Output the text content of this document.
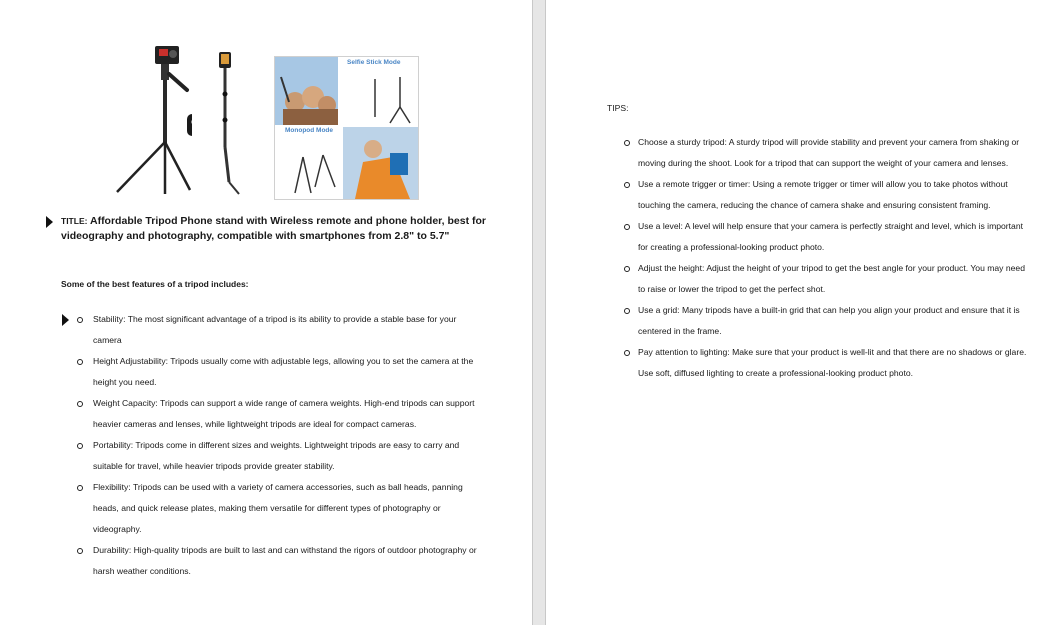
Selfie Stick Mode
Monopod Mode
TITLE: Affordable Tripod Phone stand with Wireless remote and phone holder, best for videography and photography, compatible with smartphones from 2.8" to 5.7"
Some of the best features of a tripod includes:
Stability: The most significant advantage of a tripod is its ability to provide a stable base for your camera
Height Adjustability: Tripods usually come with adjustable legs, allowing you to set the camera at the height you need.
Weight Capacity: Tripods can support a wide range of camera weights. High-end tripods can support heavier cameras and lenses, while lightweight tripods are ideal for compact cameras.
Portability: Tripods come in different sizes and weights. Lightweight tripods are easy to carry and suitable for travel, while heavier tripods provide greater stability.
Flexibility: Tripods can be used with a variety of camera accessories, such as ball heads, panning heads, and quick release plates, making them versatile for different types of photography or videography.
Durability: High-quality tripods are built to last and can withstand the rigors of outdoor photography or harsh weather conditions.
TIPS:
Choose a sturdy tripod: A sturdy tripod will provide stability and prevent your camera from shaking or moving during the shoot. Look for a tripod that can support the weight of your camera and lenses.
Use a remote trigger or timer: Using a remote trigger or timer will allow you to take photos without touching the camera, reducing the chance of camera shake and ensuring consistent framing.
Use a level: A level will help ensure that your camera is perfectly straight and level, which is important for creating a professional-looking product photo.
Adjust the height: Adjust the height of your tripod to get the best angle for your product. You may need to raise or lower the tripod to get the perfect shot.
Use a grid: Many tripods have a built-in grid that can help you align your product and ensure that it is centered in the frame.
Pay attention to lighting: Make sure that your product is well-lit and that there are no shadows or glare. Use soft, diffused lighting to create a professional-looking product photo.
